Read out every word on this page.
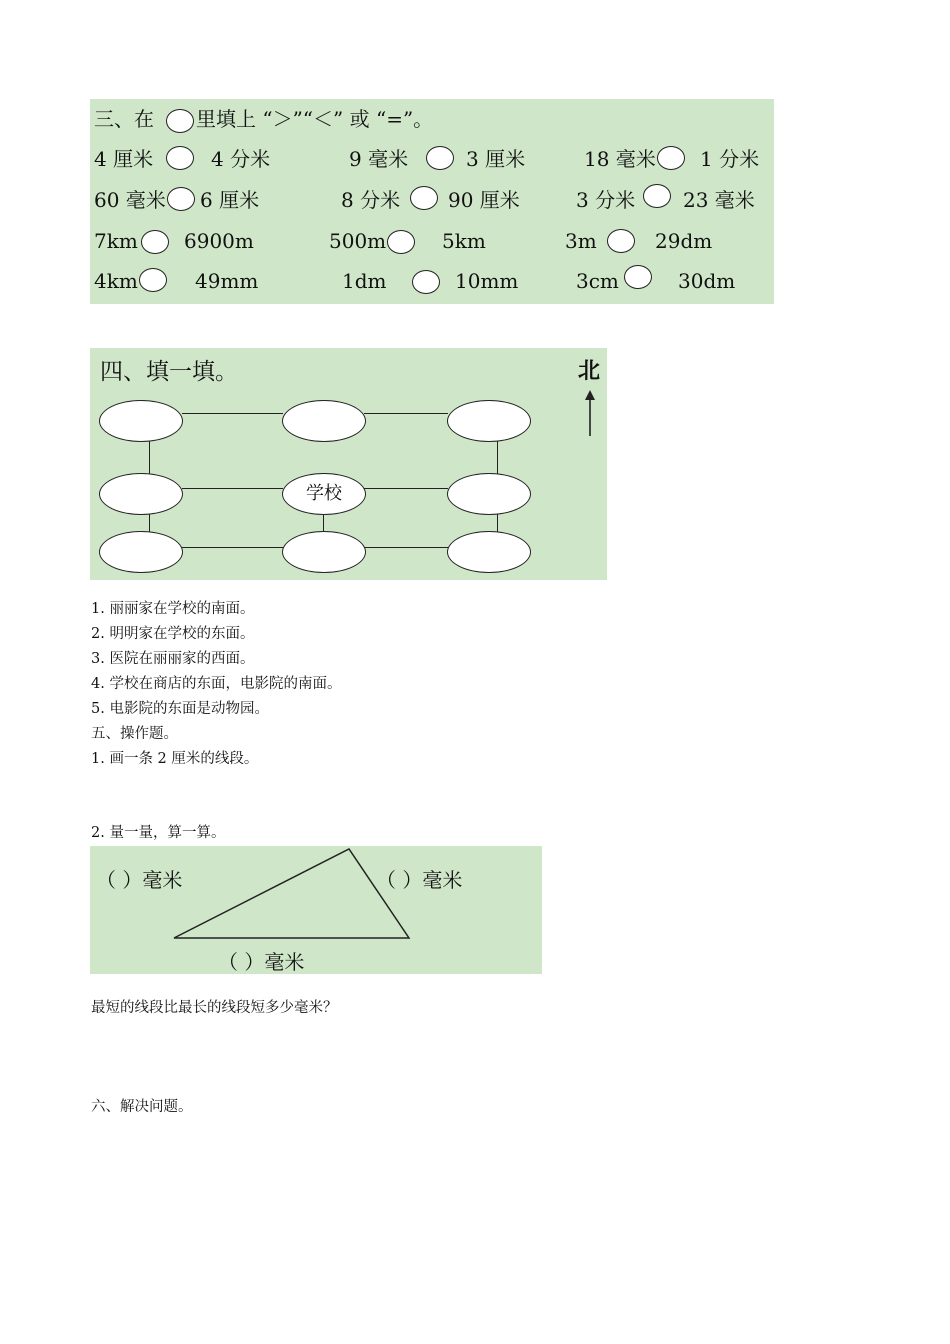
三、在 里填上 “＞”“＜” 或 “=”。
4 厘米	4 分米	9 毫米	3 厘米	18 毫米 1 分米
60 毫米 6 厘米	8 分米 90 厘米	3 分米 23 毫米
7km 6900m	500m	5km	3m	29dm
4km	49mm	1dm	10mm	3cm	30dm
四、填一填。	北
学校
1. 丽丽家在学校的南面。
2. 明明家在学校的东面。
3. 医院在丽丽家的西面。
4. 学校在商店的东面，电影院的南面。
5. 电影院的东面是动物园。
五、操作题。
1. 画一条 2 厘米的线段。
2. 量一量，算一算。
（ ）毫米	（ ）毫米
（ ）毫米
最短的线段比最长的线段短多少毫米？
六、解决问题。
